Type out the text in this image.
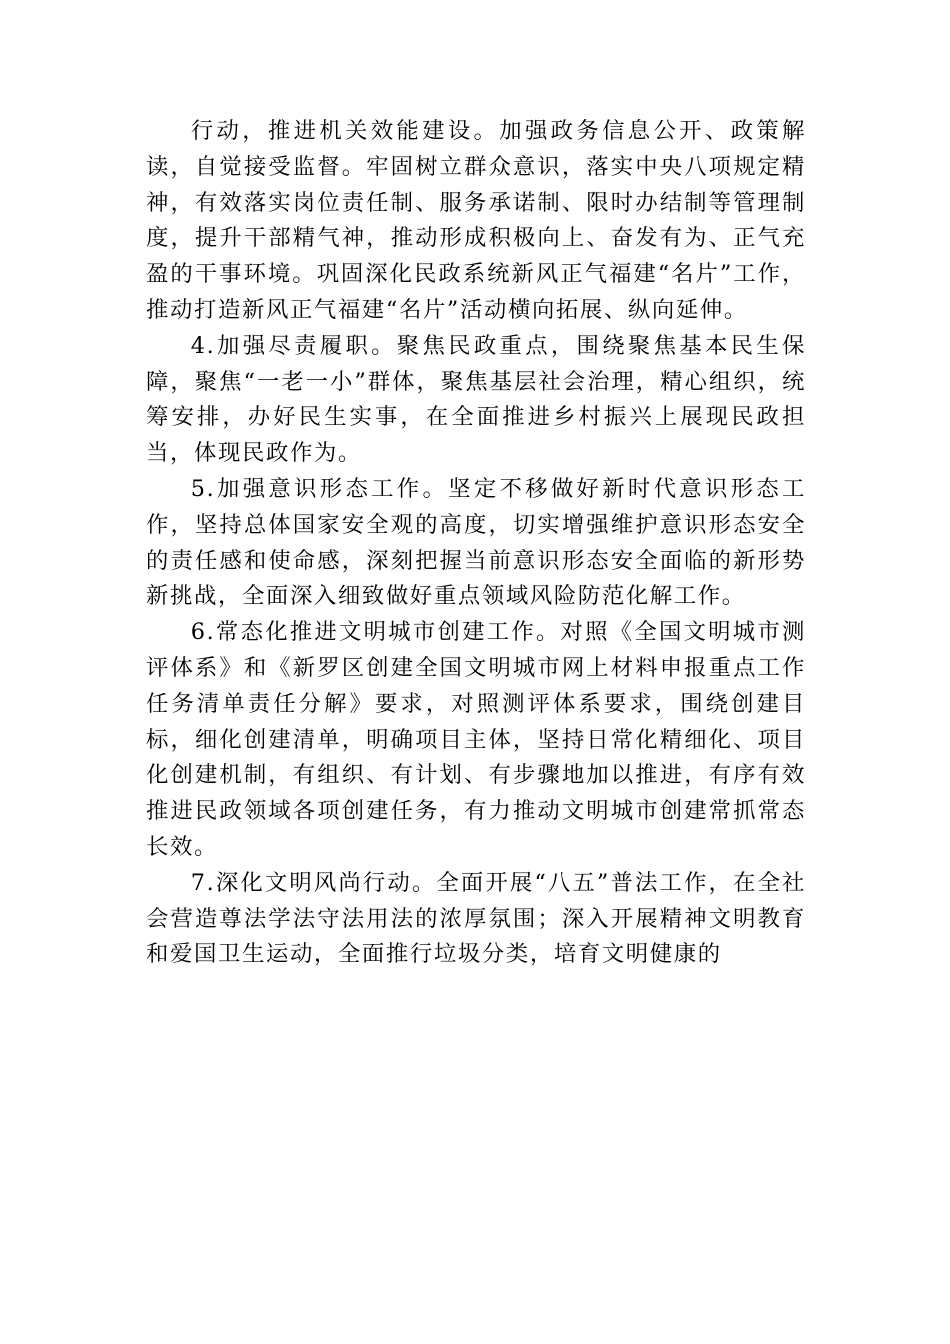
行动，推进机关效能建设。加强政务信息公开、政策解读，自觉接受监督。牢固树立群众意识，落实中央八项规定精神，有效落实岗位责任制、服务承诺制、限时办结制等管理制度，提升干部精气神，推动形成积极向上、奋发有为、正气充盈的干事环境。巩固深化民政系统新风正气福建“名片”工作，推动打造新风正气福建“名片”活动横向拓展、纵向延伸。

4.加强尽责履职。聚焦民政重点，围绕聚焦基本民生保障，聚焦“一老一小”群体，聚焦基层社会治理，精心组织，统筹安排，办好民生实事，在全面推进乡村振兴上展现民政担当，体现民政作为。

5.加强意识形态工作。坚定不移做好新时代意识形态工作，坚持总体国家安全观的高度，切实增强维护意识形态安全的责任感和使命感，深刻把握当前意识形态安全面临的新形势新挑战，全面深入细致做好重点领域风险防范化解工作。

6.常态化推进文明城市创建工作。对照《全国文明城市测评体系》和《新罗区创建全国文明城市网上材料申报重点工作任务清单责任分解》要求，对照测评体系要求，围绕创建目标，细化创建清单，明确项目主体，坚持日常化精细化、项目化创建机制，有组织、有计划、有步骤地加以推进，有序有效推进民政领域各项创建任务，有力推动文明城市创建常抓常态长效。

7.深化文明风尚行动。全面开展“八五”普法工作，在全社会营造尊法学法守法用法的浓厚氛围；深入开展精神文明教育和爱国卫生运动，全面推行垃圾分类，培育文明健康的
